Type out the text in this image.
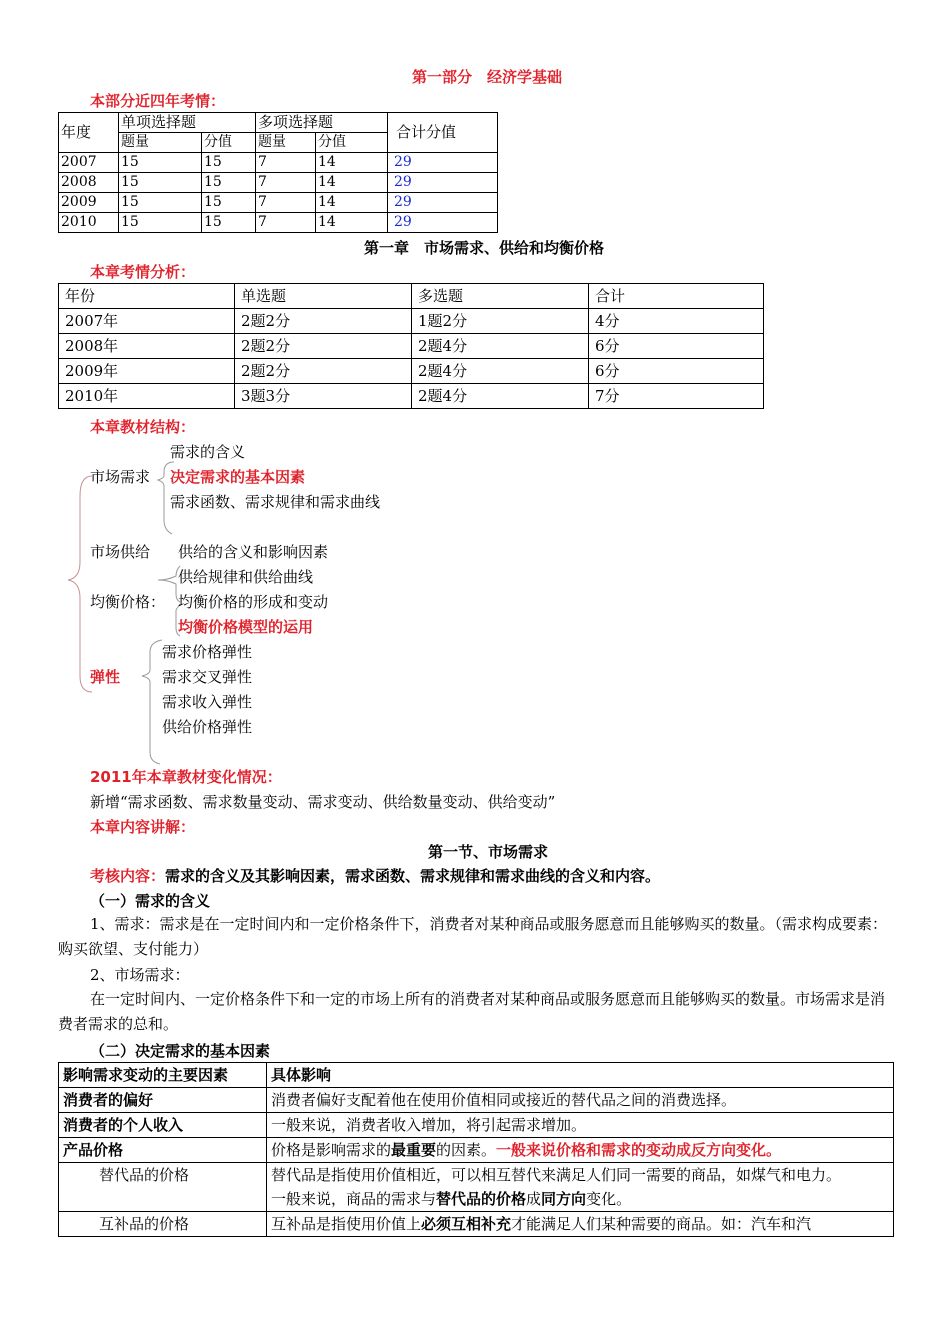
第一部分　经济学基础
本部分近四年考情：
年度	单项选择题		多项选择题		合计分值
	题量	分值	题量	分值	
2007	15	15	7	14	29
2008	15	15	7	14	29
2009	15	15	7	14	29
2010	15	15	7	14	29
第一章　市场需求、供给和均衡价格
本章考情分析：
年份	单选题	多选题	合计
2007年	2题2分	1题2分	4分
2008年	2题2分	2题4分	6分
2009年	2题2分	2题4分	6分
2010年	3题3分	2题4分	7分
本章教材结构：
需求的含义
市场需求 决定需求的基本因素
需求函数、需求规律和需求曲线
市场供给 供给的含义和影响因素
供给规律和供给曲线
均衡价格： 均衡价格的形成和变动
均衡价格模型的运用
需求价格弹性
弹性	需求交叉弹性
需求收入弹性
供给价格弹性
2011年本章教材变化情况：
新增“需求函数、需求数量变动、需求变动、供给数量变动、供给变动”
本章内容讲解：
第一节、市场需求
考核内容：需求的含义及其影响因素，需求函数、需求规律和需求曲线的含义和内容。
（一）需求的含义
1、需求：需求是在一定时间内和一定价格条件下，消费者对某种商品或服务愿意而且能够购买的数量。（需求构成要素：购买欲望、支付能力）
2、市场需求：
在一定时间内、一定价格条件下和一定的市场上所有的消费者对某种商品或服务愿意而且能够购买的数量。市场需求是消费者需求的总和。
（二）决定需求的基本因素
影响需求变动的主要因素	具体影响
消费者的偏好	消费者偏好支配着他在使用价值相同或接近的替代品之间的消费选择。
消费者的个人收入	一般来说，消费者收入增加，将引起需求增加。
产品价格	价格是影响需求的最重要的因素。一般来说价格和需求的变动成反方向变化。
替代品的价格	替代品是指使用价值相近，可以相互替代来满足人们同一需要的商品，如煤气和电力。
一般来说，商品的需求与替代品的价格成同方向变化。

互补品的价格	互补品是指使用价值上必须互相补充才能满足人们某种需要的商品。如：汽车和汽
